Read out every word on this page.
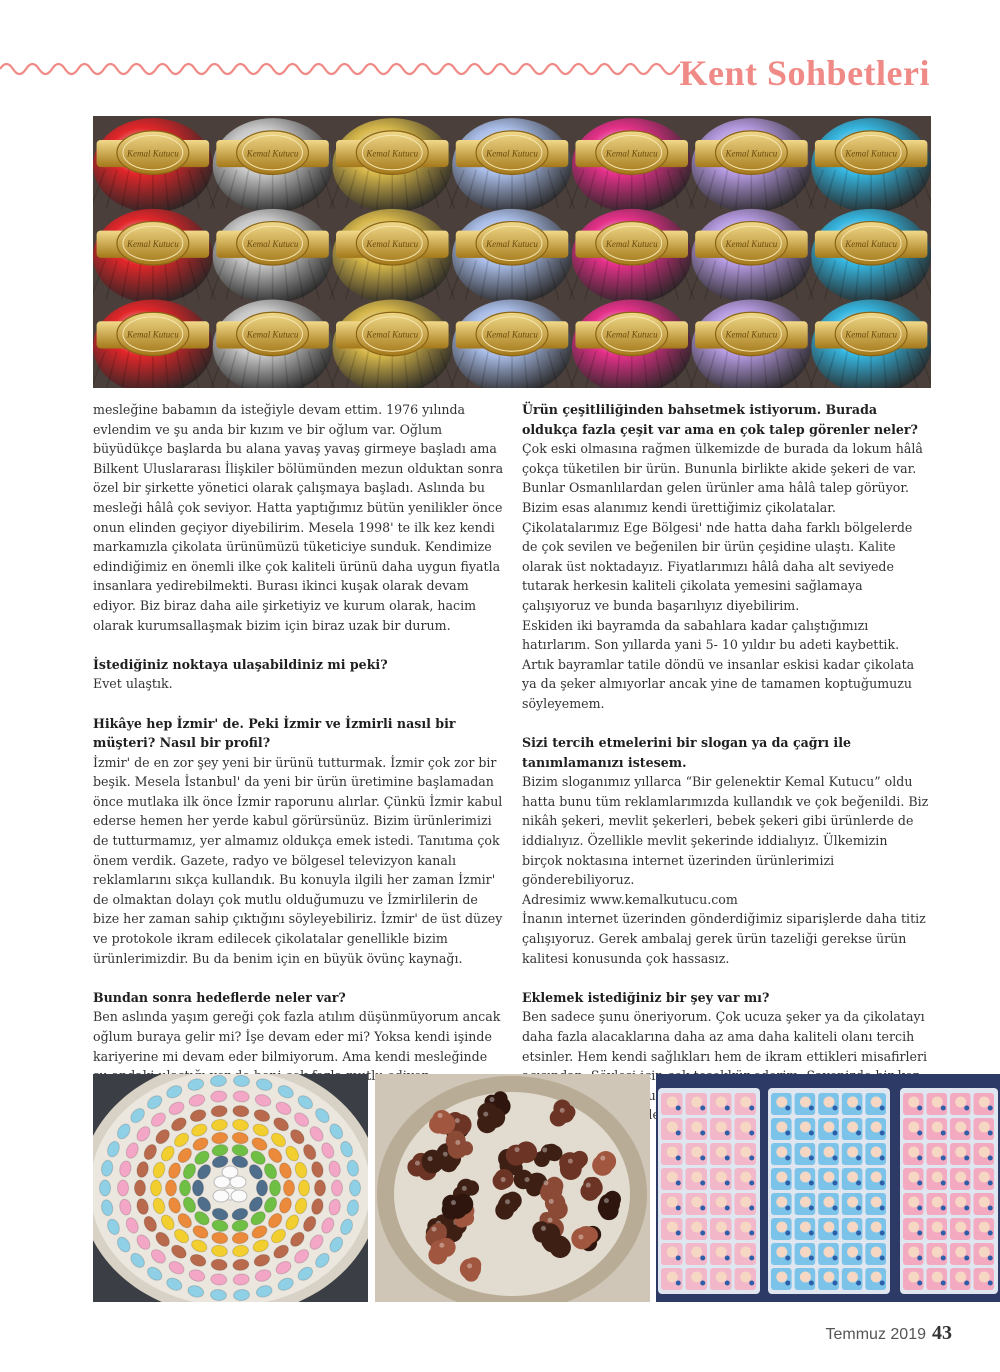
Kent Sohbetleri
Kemal Kutucu	Kemal Kutucu	Kemal Kutucu	Kemal Kutucu	Kemal Kutucu	Kemal Kutucu	Kemal Kutucu
Kemal Kutucu	Kemal Kutucu	Kemal Kutucu	Kemal Kutucu	Kemal Kutucu	Kemal Kutucu	Kemal Kutucu
Kemal Kutucu	Kemal Kutucu	Kemal Kutucu	Kemal Kutucu	Kemal Kutucu	Kemal Kutucu	Kemal Kutucu

mesleğine babamın da isteğiyle devam ettim. 1976 yılında evlendim ve şu anda bir kızım ve bir oğlum var. Oğlum büyüdükçe başlarda bu alana yavaş yavaş girmeye başladı ama Bilkent Uluslararası İlişkiler bölümünden mezun olduktan sonra özel bir şirkette yönetici olarak çalışmaya başladı. Aslında bu mesleği hâlâ çok seviyor. Hatta yaptığımız bütün yenilikler önce onun elinden geçiyor diyebilirim. Mesela 1998' te ilk kez kendi markamızla çikolata ürünümüzü tüketiciye sunduk. Kendimize edindiğimiz en önemli ilke çok kaliteli ürünü daha uygun fiyatla insanlara yedirebilmekti. Burası ikinci kuşak olarak devam ediyor. Biz biraz daha aile şirketiyiz ve kurum olarak, hacim olarak kurumsallaşmak bizim için biraz uzak bir durum.

İstediğiniz noktaya ulaşabildiniz mi peki?

Evet ulaştık.

Hikâye hep İzmir' de. Peki İzmir ve İzmirli nasıl bir müşteri? Nasıl bir profil?

İzmir' de en zor şey yeni bir ürünü tutturmak. İzmir çok zor bir beşik. Mesela İstanbul' da yeni bir ürün üretimine başlamadan önce mutlaka ilk önce İzmir raporunu alırlar. Çünkü İzmir kabul ederse hemen her yerde kabul görürsünüz. Bizim ürünlerimizi de tutturmamız, yer almamız oldukça emek istedi. Tanıtıma çok önem verdik. Gazete, radyo ve bölgesel televizyon kanalı reklamlarını sıkça kullandık. Bu konuyla ilgili her zaman İzmir' de olmaktan dolayı çok mutlu olduğumuzu ve İzmirlilerin de bize her zaman sahip çıktığını söyleyebiliriz. İzmir' de üst düzey ve protokole ikram edilecek çikolatalar genellikle bizim ürünlerimizdir. Bu da benim için en büyük övünç kaynağı.

Bundan sonra hedeflerde neler var?

Ben aslında yaşım gereği çok fazla atılım düşünmüyorum ancak oğlum buraya gelir mi? İşe devam eder mi? Yoksa kendi işinde kariyerine mi devam eder bilmiyorum. Ama kendi mesleğinde

Ürün çeşitliliğinden bahsetmek istiyorum. Burada oldukça fazla çeşit var ama en çok talep görenler neler?

Çok eski olmasına rağmen ülkemizde de burada da lokum hâlâ çokça tüketilen bir ürün. Bununla birlikte akide şekeri de var. Bunlar Osmanlılardan gelen ürünler ama hâlâ talep görüyor. Bizim esas alanımız kendi ürettiğimiz çikolatalar. Çikolatalarımız Ege Bölgesi' nde hatta daha farklı bölgelerde de çok sevilen ve beğenilen bir ürün çeşidine ulaştı. Kalite olarak üst noktadayız. Fiyatlarımızı hâlâ daha alt seviyede tutarak herkesin kaliteli çikolata yemesini sağlamaya çalışıyoruz ve bunda başarılıyız diyebilirim.

Eskiden iki bayramda da sabahlara kadar çalıştığımızı hatırlarım. Son yıllarda yani 5- 10 yıldır bu adeti kaybettik. Artık bayramlar tatile döndü ve insanlar eskisi kadar çikolata ya da şeker almıyorlar ancak yine de tamamen koptuğumuzu söyleyemem.

Sizi tercih etmelerini bir slogan ya da çağrı ile tanımlamanızı istesem.

Bizim sloganımız yıllarca “Bir gelenektir Kemal Kutucu” oldu hatta bunu tüm reklamlarımızda kullandık ve çok beğenildi. Biz nikâh şekeri, mevlit şekerleri, bebek şekeri gibi ürünlerde de iddialıyız. Özellikle mevlit şekerinde iddialıyız. Ülkemizin birçok noktasına internet üzerinden ürünlerimizi gönderebiliyoruz.

Adresimiz www.kemalkutucu.com

İnanın internet üzerinden gönderdiğimiz siparişlerde daha titiz çalışıyoruz. Gerek ambalaj gerek ürün tazeliği gerekse ürün kalitesi konusunda çok hassasız.

Eklemek istediğiniz bir şey var mı?

Ben sadece şunu öneriyorum. Çok ucuza şeker ya da çikolatayı daha fazla alacaklarına daha az ama daha kaliteli olanı tercih etsinler. Hem kendi sağlıkları hem de ikram ettikleri misafirleri için

Temmuz 2019 43
